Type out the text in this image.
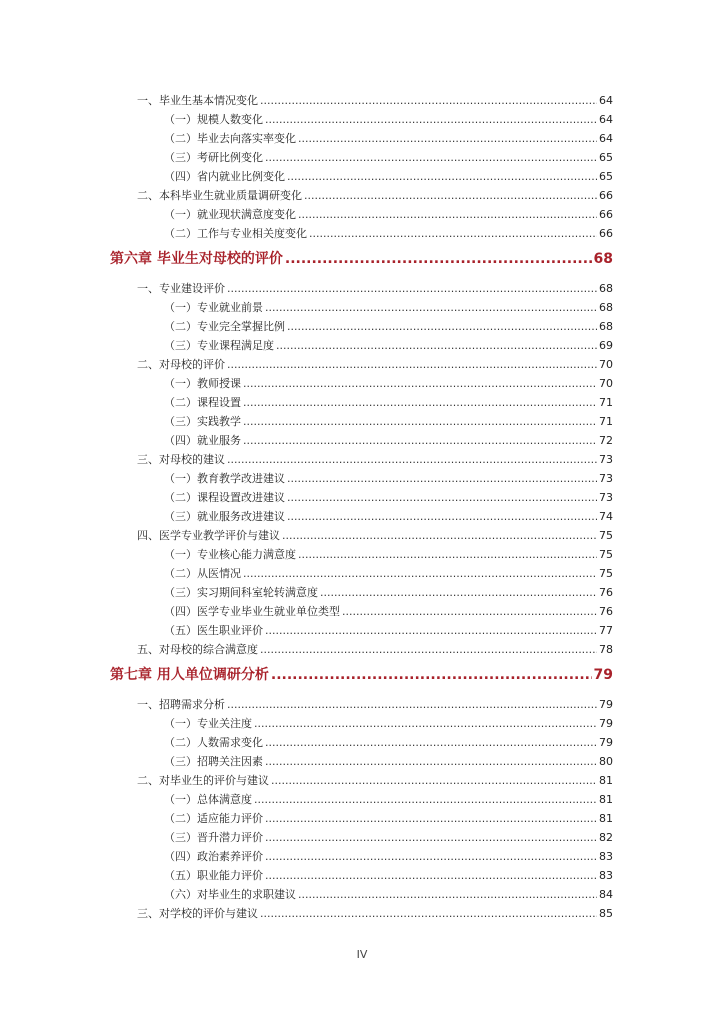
一、毕业生基本情况变化 .....	64
（一）规模人数变化 .....	64
（二）毕业去向落实率变化 .....	64
（三）考研比例变化 .....	65
（四）省内就业比例变化 .....	65
二、本科毕业生就业质量调研变化 .....	66
（一）就业现状满意度变化 .....	66
（二）工作与专业相关度变化 .....	66
第六章 毕业生对母校的评价 .....	68
一、专业建设评价 .....	68
（一）专业就业前景 .....	68
（二）专业完全掌握比例 .....	68
（三）专业课程满足度 .....	69
二、对母校的评价 .....	70
（一）教师授课 .....	70
（二）课程设置 .....	71
（三）实践教学 .....	71
（四）就业服务 .....	72
三、对母校的建议 .....	73
（一）教育教学改进建议 .....	73
（二）课程设置改进建议 .....	73
（三）就业服务改进建议 .....	74
四、医学专业教学评价与建议 .....	75
（一）专业核心能力满意度 .....	75
（二）从医情况 .....	75
（三）实习期间科室轮转满意度 .....	76
（四）医学专业毕业生就业单位类型 .....	76
（五）医生职业评价 .....	77
五、对母校的综合满意度 .....	78
第七章 用人单位调研分析 .....	79
一、招聘需求分析 .....	79
（一）专业关注度 .....	79
（二）人数需求变化 .....	79
（三）招聘关注因素 .....	80
二、对毕业生的评价与建议 .....	81
（一）总体满意度 .....	81
（二）适应能力评价 .....	81
（三）晋升潜力评价 .....	82
（四）政治素养评价 .....	83
（五）职业能力评价 .....	83
（六）对毕业生的求职建议 .....	84
三、对学校的评价与建议 .....	85
IV
